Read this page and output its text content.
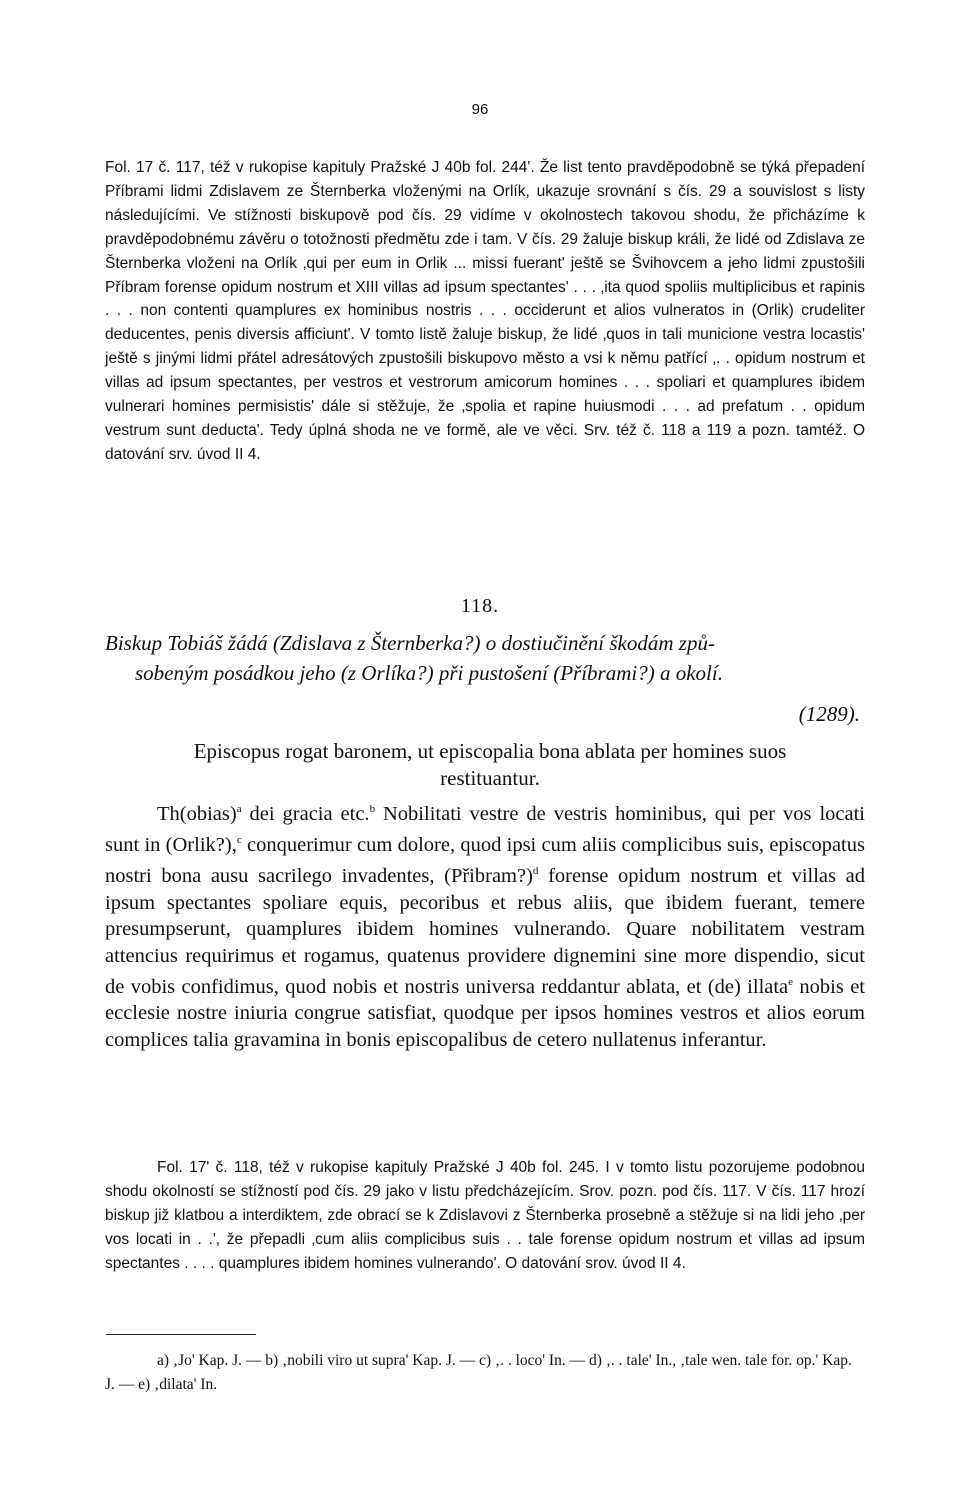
96
Fol. 17 č. 117, též v rukopise kapituly Pražské J 40b fol. 244'. Že list tento pravděpodobně se týká přepadení Příbrami lidmi Zdislavem ze Šternberka vloženými na Orlík, ukazuje srovnání s čís. 29 a souvislost s listy následujícími. Ve stížnosti biskupově pod čís. 29 vidíme v okolnostech takovou shodu, že přicházíme k pravděpodobnému závěru o totožnosti předmětu zde i tam. V čís. 29 žaluje biskup králi, že lidé od Zdislava ze Šternberka vloženi na Orlík ‚qui per eum in Orlik ... missi fuerant' ještě se Švihovcem a jeho lidmi zpustošili Příbram forense opidum nostrum et XIII villas ad ipsum spectantes' . . . ‚ita quod spoliis multiplicibus et rapinis . . . non contenti quamplures ex hominibus nostris . . . occiderunt et alios vulneratos in (Orlik) crudeliter deducentes, penis diversis afficiunt'. V tomto listě žaluje biskup, že lidé ‚quos in tali municione vestra locastis' ještě s jinými lidmi přátel adresátových zpustošili biskupovo město a vsi k němu patřící ‚. . opidum nostrum et villas ad ipsum spectantes, per vestros et vestrorum amicorum homines . . . spoliari et quamplures ibidem vulnerari homines permisistis' dále si stěžuje, že ‚spolia et rapine huiusmodi . . . ad prefatum . . opidum vestrum sunt deducta'. Tedy úplná shoda ne ve formě, ale ve věci. Srv. též č. 118 a 119 a pozn. tamtéž. O datování srv. úvod II 4.
118.
Biskup Tobiáš žádá (Zdislava z Šternberka?) o dostiučinění škodám způ-
sobeným posádkou jeho (z Orlíka?) při pustošení (Příbrami?) a okolí.
(1289).
Episcopus rogat baronem, ut episcopalia bona ablata per homines suos restituantur.

Th(obias)$^a$ dei gracia etc.$^b$ Nobilitati vestre de vestris hominibus, qui per vos locati sunt in (Orlik?),$^c$ conquerimur cum dolore, quod ipsi cum aliis complicibus suis, episcopatus nostri bona ausu sacrilego invadentes, (Přibram?)$^d$ forense opidum nostrum et villas ad ipsum spectantes spoliare equis, pecoribus et rebus aliis, que ibidem fuerant, temere presumpserunt, quamplures ibidem homines vulnerando. Quare nobilitatem vestram attencius requirimus et rogamus, quatenus providere dignemini sine more dispendio, sicut de vobis confidimus, quod nobis et nostris universa reddantur ablata, et (de) illata$^e$ nobis et ecclesie nostre iniuria congrue satisfiat, quodque per ipsos homines vestros et alios eorum complices talia gravamina in bonis episcopalibus de cetero nullatenus inferantur.

Fol. 17' č. 118, též v rukopise kapituly Pražské J 40b fol. 245. I v tomto listu pozorujeme podobnou shodu okolností se stížností pod čís. 29 jako v listu předcházejícím. Srov. pozn. pod čís. 117. V čís. 117 hrozí biskup již klatbou a interdiktem, zde obrací se k Zdislavovi z Šternberka prosebně a stěžuje si na lidi jeho ‚per vos locati in . .', že přepadli ‚cum aliis complicibus suis . . tale forense opidum nostrum et villas ad ipsum spectantes . . . . quamplures ibidem homines vulnerando'. O datování srov. úvod II 4.

a) ‚Jo' Kap. J. — b) ‚nobili viro ut supra' Kap. J. — c) ‚. . loco' In. — d) ‚. . tale' In., ‚tale wen. tale for. op.' Kap. J. — e) ‚dilata' In.
